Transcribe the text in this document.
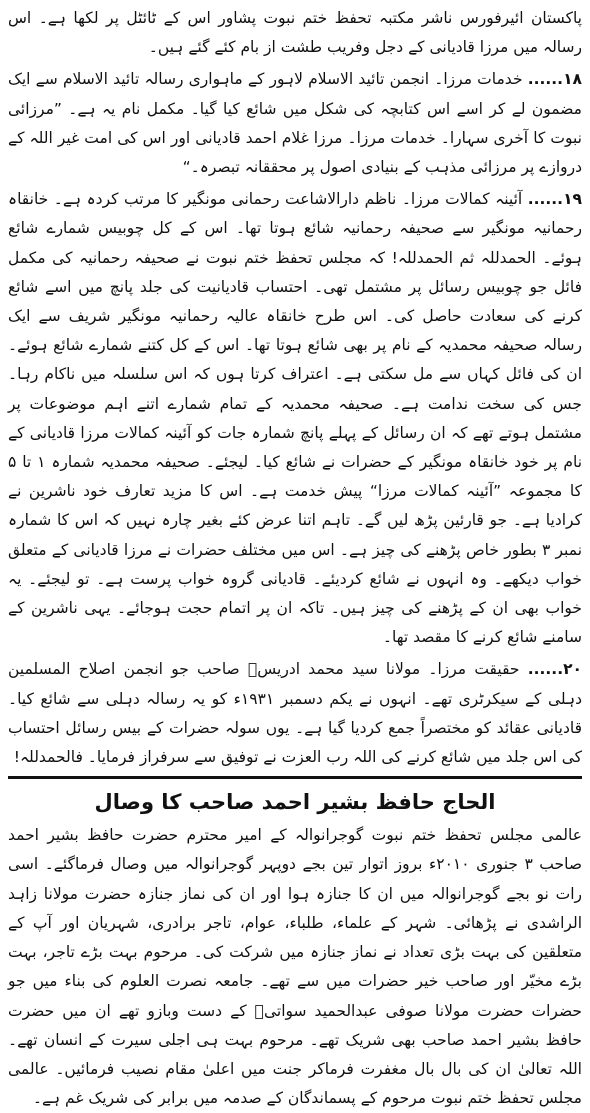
پاکستان ائیرفورس ناشر مکتبہ تحفظ ختم نبوت پشاور اس کے ٹائٹل پر لکھا ہے۔ اس رسالہ میں مرزا قادیانی کے دجل وفریب طشت از بام کئے گئے ہیں۔

۱۸...... خدمات مرزا۔ انجمن تائید الاسلام لاہور کے ماہواری رسالہ تائید الاسلام سے ایک مضمون لے کر اسے اس کتابچہ کی شکل میں شائع کیا گیا۔ مکمل نام یہ ہے۔ ”مرزائی نبوت کا آخری سہارا۔ خدمات مرزا۔ مرزا غلام احمد قادیانی اور اس کی امت غیر اللہ کے دروازے پر مرزائی مذہب کے بنیادی اصول پر محققانہ تبصرہ۔“

۱۹...... آئینہ کمالات مرزا۔ ناظم دارالاشاعت رحمانی مونگیر کا مرتب کردہ ہے۔ خانقاہ رحمانیہ مونگیر سے صحیفہ رحمانیہ شائع ہوتا تھا۔ اس کے کل چوبیس شمارے شائع ہوئے۔ الحمدللہ ثم الحمدللہ! کہ مجلس تحفظ ختم نبوت نے صحیفہ رحمانیہ کی مکمل فائل جو چوبیس رسائل پر مشتمل تھی۔ احتساب قادیانیت کی جلد پانچ میں اسے شائع کرنے کی سعادت حاصل کی۔ اس طرح خانقاہ عالیہ رحمانیہ مونگیر شریف سے ایک رسالہ صحیفہ محمدیہ کے نام پر بھی شائع ہوتا تھا۔ اس کے کل کتنے شمارے شائع ہوئے۔ ان کی فائل کہاں سے مل سکتی ہے۔ اعتراف کرتا ہوں کہ اس سلسلہ میں ناکام رہا۔ جس کی سخت ندامت ہے۔ صحیفہ محمدیہ کے تمام شمارے اتنے اہم موضوعات پر مشتمل ہوتے تھے کہ ان رسائل کے پہلے پانچ شمارہ جات کو آئینہ کمالات مرزا قادیانی کے نام پر خود خانقاہ مونگیر کے حضرات نے شائع کیا۔ لیجئے۔ صحیفہ محمدیہ شمارہ ۱ تا ۵ کا مجموعہ ”آئینہ کمالات مرزا“ پیش خدمت ہے۔ اس کا مزید تعارف خود ناشرین نے کرادیا ہے۔ جو قارئین پڑھ لیں گے۔ تاہم اتنا عرض کئے بغیر چارہ نہیں کہ اس کا شمارہ نمبر ۳ بطور خاص پڑھنے کی چیز ہے۔ اس میں مختلف حضرات نے مرزا قادیانی کے متعلق خواب دیکھے۔ وہ انہوں نے شائع کردیئے۔ قادیانی گروہ خواب پرست ہے۔ تو لیجئے۔ یہ خواب بھی ان کے پڑھنے کی چیز ہیں۔ تاکہ ان پر اتمام حجت ہوجائے۔ یہی ناشرین کے سامنے شائع کرنے کا مقصد تھا۔

۲۰...... حقیقت مرزا۔ مولانا سید محمد ادریسؒ صاحب جو انجمن اصلاح المسلمین دہلی کے سیکرٹری تھے۔ انہوں نے یکم دسمبر ۱۹۳۱ء کو یہ رسالہ دہلی سے شائع کیا۔ قادیانی عقائد کو مختصراً جمع کردیا گیا ہے۔ یوں سولہ حضرات کے بیس رسائل احتساب کی اس جلد میں شائع کرنے کی اللہ رب العزت نے توفیق سے سرفراز فرمایا۔ فالحمدللہ!

الحاج حافظ بشیر احمد صاحب کا وصال

عالمی مجلس تحفظ ختم نبوت گوجرانوالہ کے امیر محترم حضرت حافظ بشیر احمد صاحب ۳ جنوری ۲۰۱۰ء بروز اتوار تین بجے دوپہر گوجرانوالہ میں وصال فرماگئے۔ اسی رات نو بجے گوجرانوالہ میں ان کا جنازہ ہوا اور ان کی نماز جنازہ حضرت مولانا زاہد الراشدی نے پڑھائی۔ شہر کے علماء، طلباء، عوام، تاجر برادری، شہریان اور آپ کے متعلقین کی بہت بڑی تعداد نے نماز جنازہ میں شرکت کی۔ مرحوم بہت بڑے تاجر، بہت بڑے مخیّر اور صاحب خیر حضرات میں سے تھے۔ جامعہ نصرت العلوم کی بناء میں جو حضرات حضرت مولانا صوفی عبدالحمید سواتیؒ کے دست وبازو تھے ان میں حضرت حافظ بشیر احمد صاحب بھی شریک تھے۔ مرحوم بہت ہی اجلی سیرت کے انسان تھے۔ اللہ تعالیٰ ان کی بال بال مغفرت فرماکر جنت میں اعلیٰ مقام نصیب فرمائیں۔ عالمی مجلس تحفظ ختم نبوت مرحوم کے پسماندگان کے صدمہ میں برابر کی شریک غم ہے۔
